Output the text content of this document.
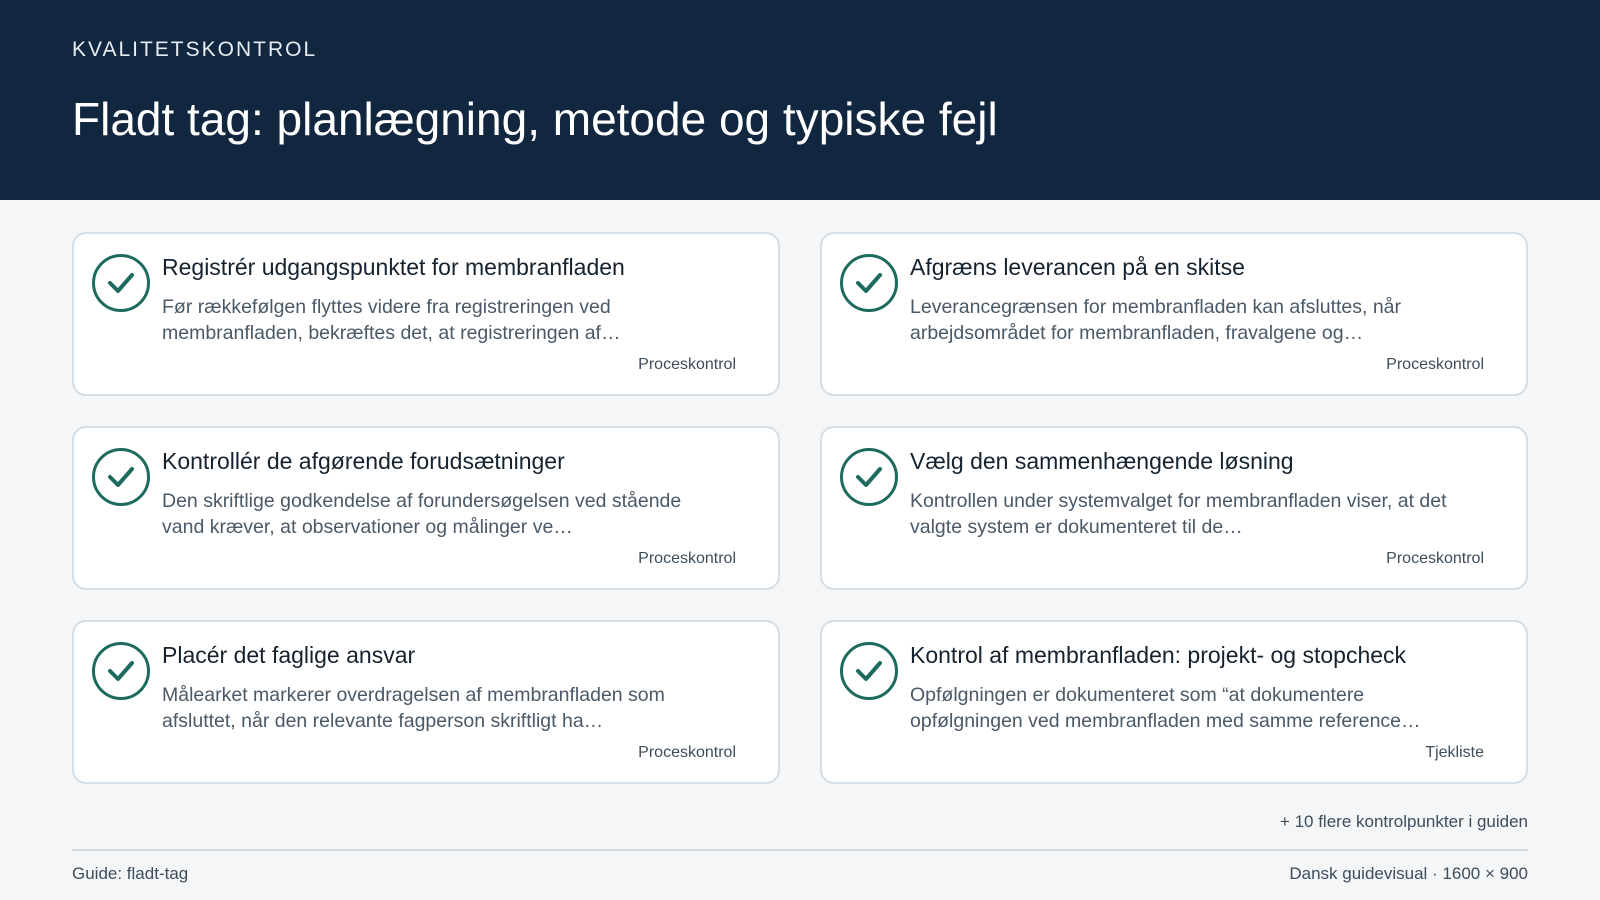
KVALITETSKONTROL
Fladt tag: planlægning, metode og typiske fejl
Registrér udgangspunktet for membranfladen
Før rækkefølgen flyttes videre fra registreringen ved membranfladen, bekræftes det, at registreringen af…
Proceskontrol
Afgræns leverancen på en skitse
Leverancegrænsen for membranfladen kan afsluttes, når arbejdsområdet for membranfladen, fravalgene og…
Proceskontrol
Kontrollér de afgørende forudsætninger
Den skriftlige godkendelse af forundersøgelsen ved stående vand kræver, at observationer og målinger ve…
Proceskontrol
Vælg den sammenhængende løsning
Kontrollen under systemvalget for membranfladen viser, at det valgte system er dokumenteret til de…
Proceskontrol
Placér det faglige ansvar
Målearket markerer overdragelsen af membranfladen som afsluttet, når den relevante fagperson skriftligt ha…
Proceskontrol
Kontrol af membranfladen: projekt- og stopcheck
Opfølgningen er dokumenteret som “at dokumentere opfølgningen ved membranfladen med samme reference…
Tjekliste
+ 10 flere kontrolpunkter i guiden
Guide: fladt-tag	Dansk guidevisual · 1600 × 900
